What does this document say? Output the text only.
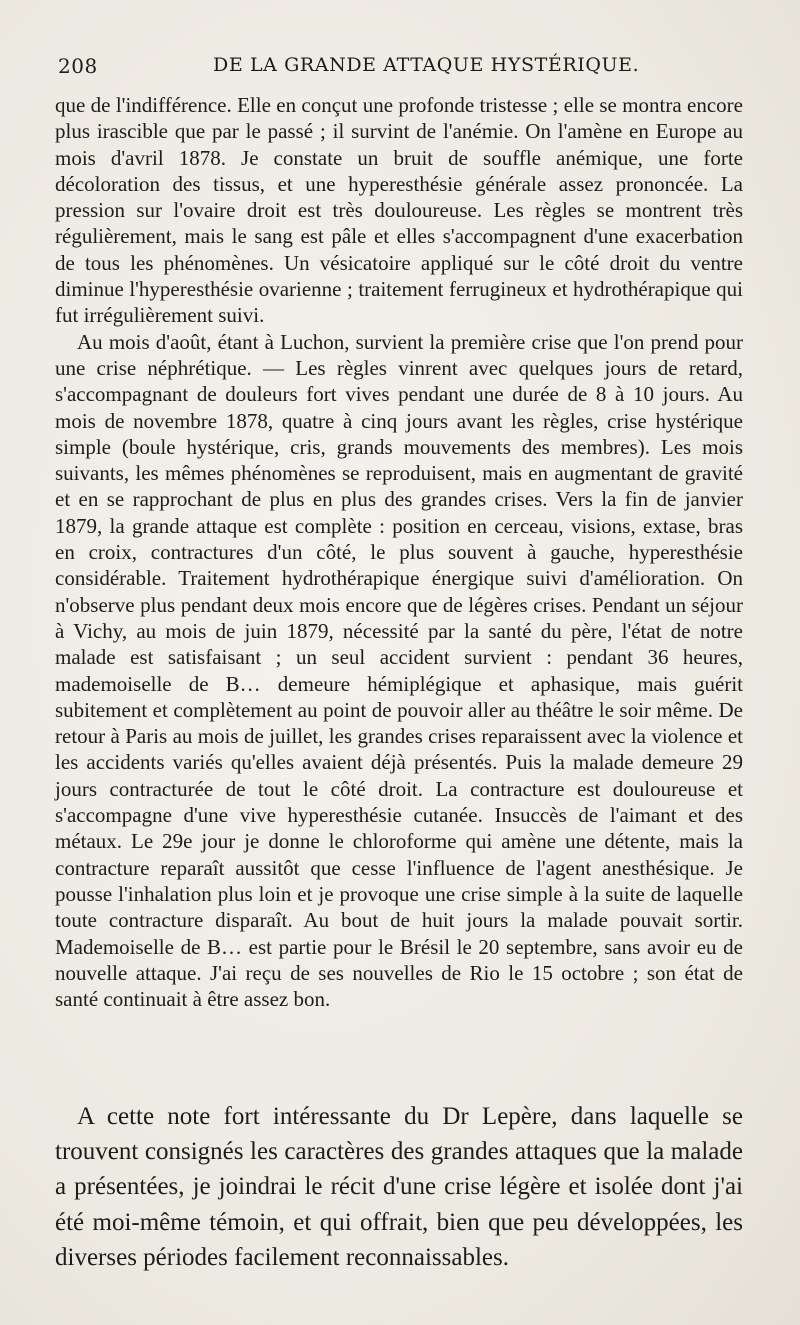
208	DE LA GRANDE ATTAQUE HYSTÉRIQUE.

que de l'indifférence. Elle en conçut une profonde tristesse ; elle se montra encore plus irascible que par le passé ; il survint de l'anémie. On l'amène en Europe au mois d'avril 1878. Je constate un bruit de souffle anémique, une forte décoloration des tissus, et une hyperesthésie générale assez prononcée. La pression sur l'ovaire droit est très douloureuse. Les règles se montrent très régulièrement, mais le sang est pâle et elles s'accompagnent d'une exacerbation de tous les phénomènes. Un vésicatoire appliqué sur le côté droit du ventre diminue l'hyperesthésie ovarienne ; traitement ferrugineux et hydrothérapique qui fut irrégulièrement suivi.

Au mois d'août, étant à Luchon, survient la première crise que l'on prend pour une crise néphrétique. — Les règles vinrent avec quelques jours de retard, s'accompagnant de douleurs fort vives pendant une durée de 8 à 10 jours. Au mois de novembre 1878, quatre à cinq jours avant les règles, crise hystérique simple (boule hystérique, cris, grands mouvements des membres). Les mois suivants, les mêmes phénomènes se reproduisent, mais en augmentant de gravité et en se rapprochant de plus en plus des grandes crises. Vers la fin de janvier 1879, la grande attaque est complète : position en cerceau, visions, extase, bras en croix, contractures d'un côté, le plus souvent à gauche, hyperesthésie considérable. Traitement hydrothérapique énergique suivi d'amélioration. On n'observe plus pendant deux mois encore que de légères crises. Pendant un séjour à Vichy, au mois de juin 1879, nécessité par la santé du père, l'état de notre malade est satisfaisant ; un seul accident survient : pendant 36 heures, mademoiselle de B… demeure hémiplégique et aphasique, mais guérit subitement et complètement au point de pouvoir aller au théâtre le soir même. De retour à Paris au mois de juillet, les grandes crises reparaissent avec la violence et les accidents variés qu'elles avaient déjà présentés. Puis la malade demeure 29 jours contracturée de tout le côté droit. La contracture est douloureuse et s'accompagne d'une vive hyperesthésie cutanée. Insuccès de l'aimant et des métaux. Le 29e jour je donne le chloroforme qui amène une détente, mais la contracture reparaît aussitôt que cesse l'influence de l'agent anesthésique. Je pousse l'inhalation plus loin et je provoque une crise simple à la suite de laquelle toute contracture disparaît. Au bout de huit jours la malade pouvait sortir. Mademoiselle de B… est partie pour le Brésil le 20 septembre, sans avoir eu de nouvelle attaque. J'ai reçu de ses nouvelles de Rio le 15 octobre ; son état de santé continuait à être assez bon.

A cette note fort intéressante du Dr Lepère, dans laquelle se trouvent consignés les caractères des grandes attaques que la malade a présentées, je joindrai le récit d'une crise légère et isolée dont j'ai été moi-même témoin, et qui offrait, bien que peu développées, les diverses périodes facilement reconnaissables.
